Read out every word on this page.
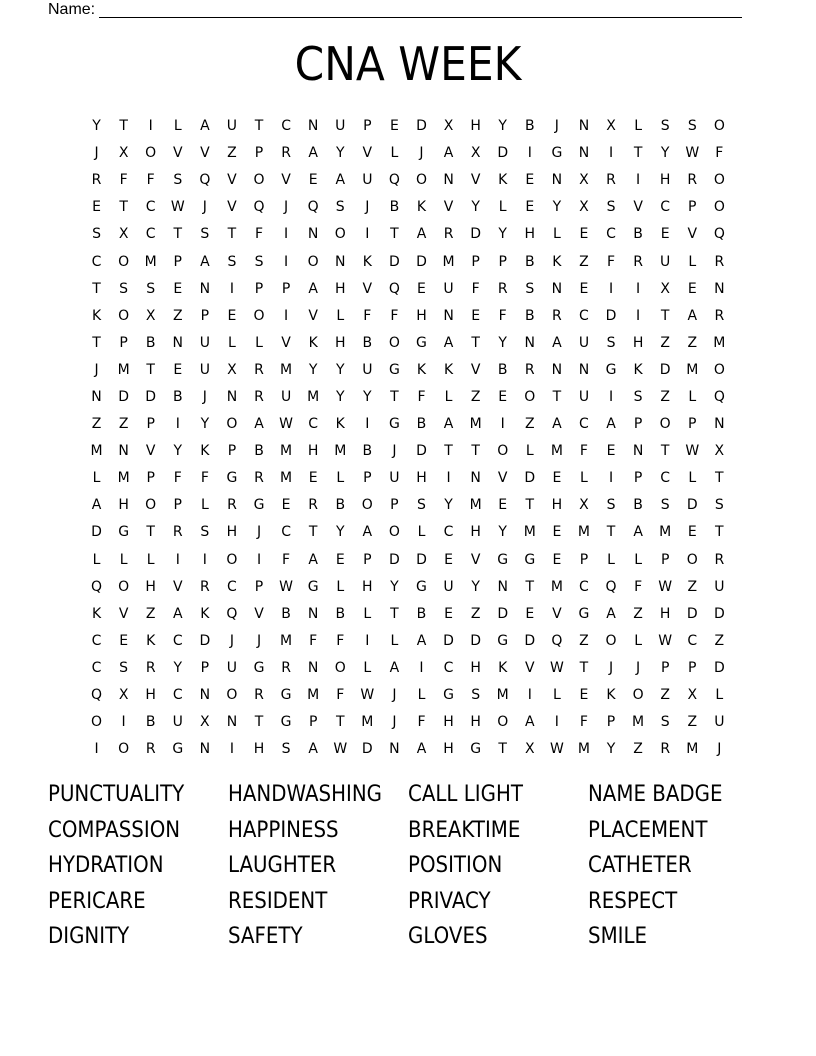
Name:
CNA WEEK
Y	T	I	L	A	U	T	C	N	U	P	E	D	X	H	Y	B	J	N	X	L	S	S	O
J	X	O	V	V	Z	P	R	A	Y	V	L	J	A	X	D	I	G	N	I	T	Y	W	F
R	F	F	S	Q	V	O	V	E	A	U	Q	O	N	V	K	E	N	X	R	I	H	R	O
E	T	C	W	J	V	Q	J	Q	S	J	B	K	V	Y	L	E	Y	X	S	V	C	P	O
S	X	C	T	S	T	F	I	N	O	I	T	A	R	D	Y	H	L	E	C	B	E	V	Q
C	O	M	P	A	S	S	I	O	N	K	D	D	M	P	P	B	K	Z	F	R	U	L	R
T	S	S	E	N	I	P	P	A	H	V	Q	E	U	F	R	S	N	E	I	I	X	E	N
K	O	X	Z	P	E	O	I	V	L	F	F	H	N	E	F	B	R	C	D	I	T	A	R
T	P	B	N	U	L	L	V	K	H	B	O	G	A	T	Y	N	A	U	S	H	Z	Z	M
J	M	T	E	U	X	R	M	Y	Y	U	G	K	K	V	B	R	N	N	G	K	D	M	O
N	D	D	B	J	N	R	U	M	Y	Y	T	F	L	Z	E	O	T	U	I	S	Z	L	Q
Z	Z	P	I	Y	O	A	W	C	K	I	G	B	A	M	I	Z	A	C	A	P	O	P	N
M	N	V	Y	K	P	B	M	H	M	B	J	D	T	T	O	L	M	F	E	N	T	W	X
L	M	P	F	F	G	R	M	E	L	P	U	H	I	N	V	D	E	L	I	P	C	L	T
A	H	O	P	L	R	G	E	R	B	O	P	S	Y	M	E	T	H	X	S	B	S	D	S
D	G	T	R	S	H	J	C	T	Y	A	O	L	C	H	Y	M	E	M	T	A	M	E	T
L	L	L	I	I	O	I	F	A	E	P	D	D	E	V	G	G	E	P	L	L	P	O	R
Q	O	H	V	R	C	P	W	G	L	H	Y	G	U	Y	N	T	M	C	Q	F	W	Z	U
K	V	Z	A	K	Q	V	B	N	B	L	T	B	E	Z	D	E	V	G	A	Z	H	D	D
C	E	K	C	D	J	J	M	F	F	I	L	A	D	D	G	D	Q	Z	O	L	W	C	Z
C	S	R	Y	P	U	G	R	N	O	L	A	I	C	H	K	V	W	T	J	J	P	P	D
Q	X	H	C	N	O	R	G	M	F	W	J	L	G	S	M	I	L	E	K	O	Z	X	L
O	I	B	U	X	N	T	G	P	T	M	J	F	H	H	O	A	I	F	P	M	S	Z	U
I	O	R	G	N	I	H	S	A	W	D	N	A	H	G	T	X	W	M	Y	Z	R	M	J
PUNCTUALITY	HANDWASHING	CALL LIGHT	NAME BADGE
COMPASSION	HAPPINESS	BREAKTIME	PLACEMENT
HYDRATION	LAUGHTER	POSITION	CATHETER
PERICARE	RESIDENT	PRIVACY	RESPECT
DIGNITY	SAFETY	GLOVES	SMILE
